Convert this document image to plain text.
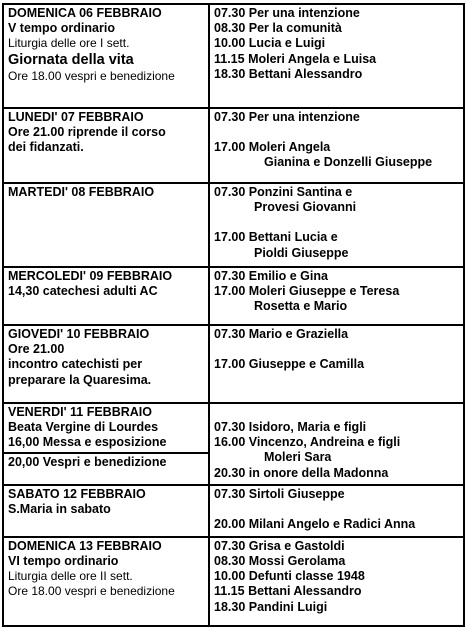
DOMENICA 06 FEBBRAIO
V tempo ordinario
Liturgia delle ore I sett.
Giornata della vita
Ore 18.00 vespri e benedizione	07.30 Per una intenzione
08.30 Per la comunità
10.00 Lucia e Luigi
11.15 Moleri Angela e Luisa
18.30 Bettani Alessandro

LUNEDI' 07 FEBBRAIO
Ore 21.00 riprende il corso
dei fidanzati.	07.30 Per una intenzione
17.00 Moleri Angela
Gianina e Donzelli Giuseppe

MARTEDI' 08 FEBBRAIO	07.30 Ponzini Santina e
Provesi Giovanni
17.00 Bettani Lucia e
Pioldi Giuseppe

MERCOLEDI' 09 FEBBRAIO
14,30 catechesi adulti AC	07.30 Emilio e Gina
17.00 Moleri Giuseppe e Teresa
Rosetta e Mario

GIOVEDI' 10 FEBBRAIO
Ore 21.00
incontro catechisti per
preparare la Quaresima.	07.30 Mario e Graziella
17.00 Giuseppe e Camilla

VENERDI' 11 FEBBRAIO
Beata Vergine di Lourdes
16,00 Messa e esposizione
20,00 Vespri e benedizione	07.30 Isidoro, Maria e figli
16.00 Vincenzo, Andreina e figli
Moleri Sara
20.30 in onore della Madonna

SABATO 12 FEBBRAIO
S.Maria in sabato	07.30 Sirtoli Giuseppe
20.00 Milani Angelo e Radici Anna

DOMENICA 13 FEBBRAIO
VI tempo ordinario
Liturgia delle ore II sett.
Ore 18.00 vespri e benedizione	07.30 Grisa e Gastoldi
08.30 Mossi Gerolama
10.00 Defunti classe 1948
11.15 Bettani Alessandro
18.30 Pandini Luigi
